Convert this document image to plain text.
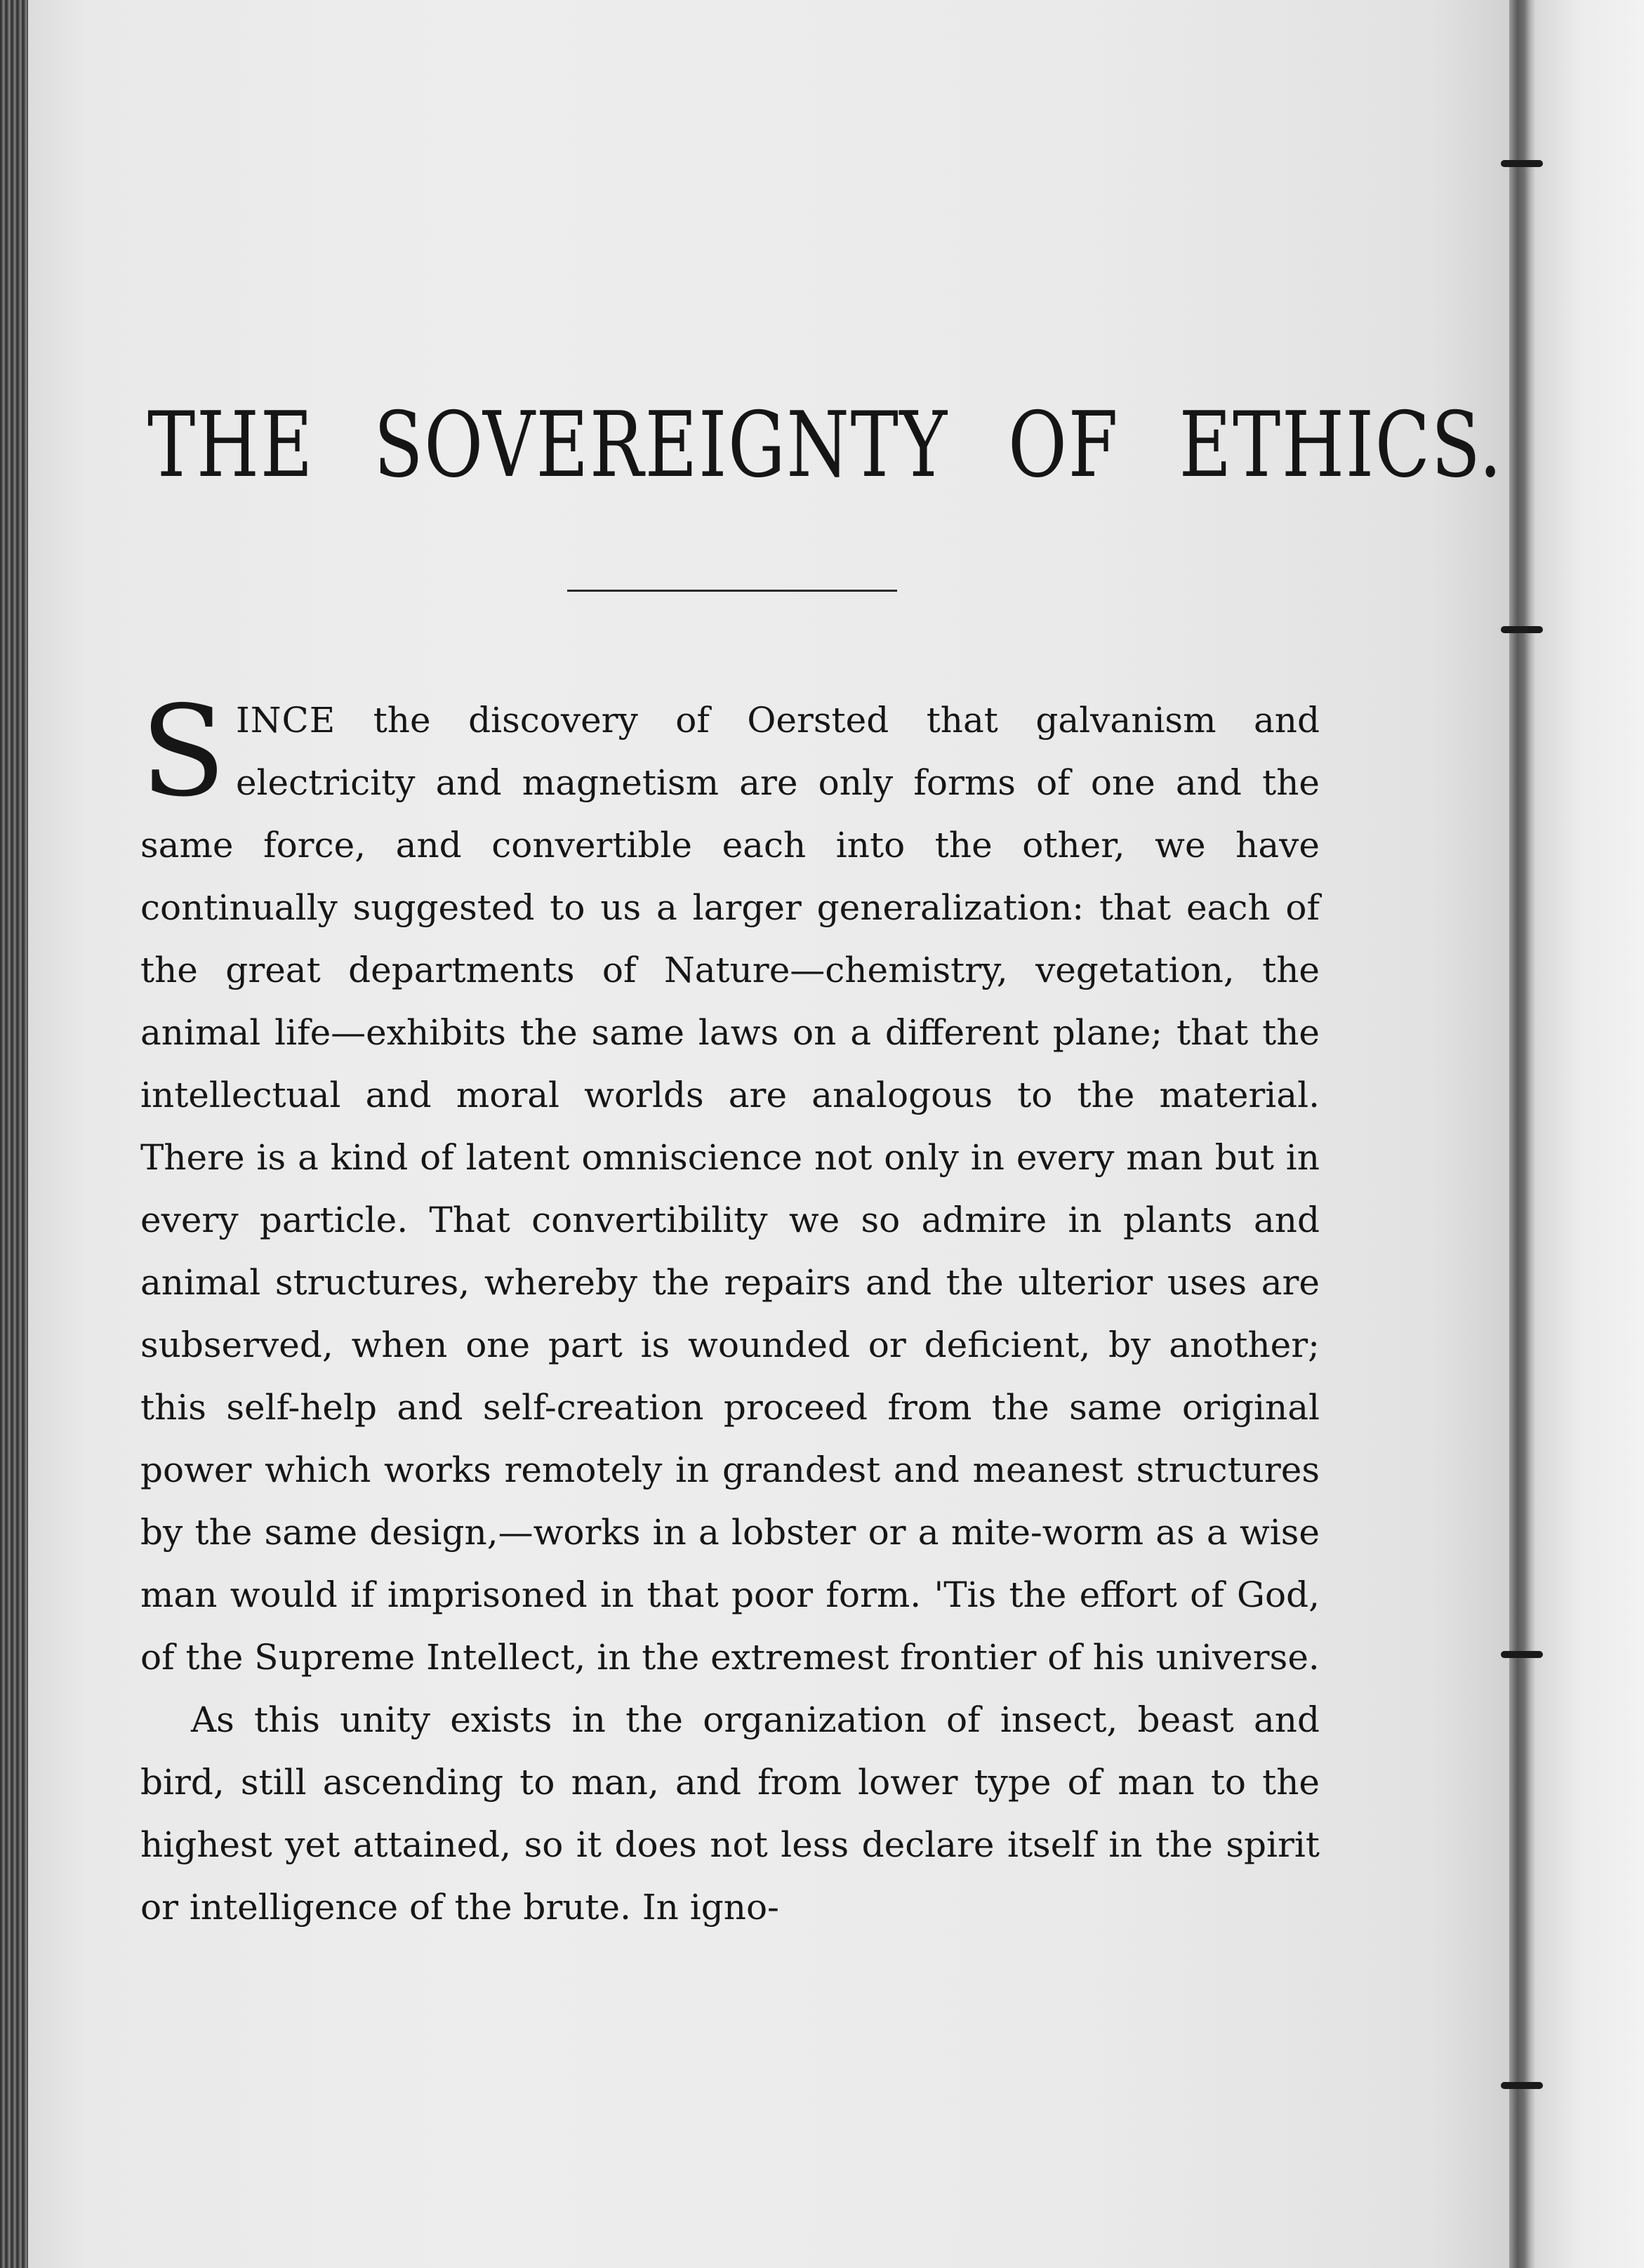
THE SOVEREIGNTY OF ETHICS.

SINCE the discovery of Oersted that galvanism and electricity and magnetism are only forms of one and the same force, and convertible each into the other, we have continually suggested to us a larger generalization: that each of the great departments of Nature—chemistry, vegetation, the animal life—exhibits the same laws on a different plane; that the intellectual and moral worlds are analogous to the material. There is a kind of latent omniscience not only in every man but in every particle. That convertibility we so admire in plants and animal structures, whereby the repairs and the ulterior uses are subserved, when one part is wounded or deficient, by another; this self-help and self-creation proceed from the same original power which works remotely in grandest and meanest structures by the same design,—works in a lobster or a mite-worm as a wise man would if imprisoned in that poor form. 'Tis the effort of God, of the Supreme Intellect, in the extremest frontier of his universe.

As this unity exists in the organization of insect, beast and bird, still ascending to man, and from lower type of man to the highest yet attained, so it does not less declare itself in the spirit or intelligence of the brute. In igno-
